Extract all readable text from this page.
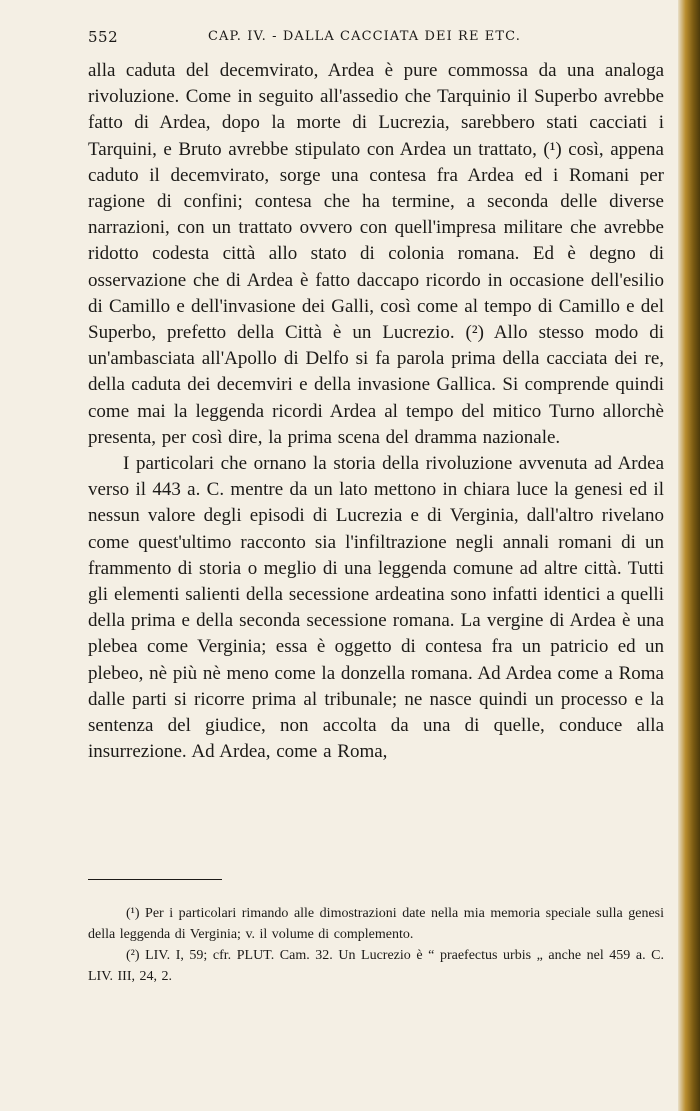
552	CAP. IV. - DALLA CACCIATA DEI RE ETC.

alla caduta del decemvirato, Ardea è pure commossa da una analoga rivoluzione. Come in seguito all'assedio che Tarquinio il Superbo avrebbe fatto di Ardea, dopo la morte di Lucrezia, sarebbero stati cacciati i Tarquini, e Bruto avrebbe stipulato con Ardea un trattato, (¹) così, appena caduto il decemvirato, sorge una contesa fra Ardea ed i Romani per ragione di confini; contesa che ha termine, a seconda delle diverse narrazioni, con un trattato ovvero con quell'impresa militare che avrebbe ridotto codesta città allo stato di colonia romana. Ed è degno di osservazione che di Ardea è fatto daccapo ricordo in occasione dell'esilio di Camillo e dell'invasione dei Galli, così come al tempo di Camillo e del Superbo, prefetto della Città è un Lucrezio. (²) Allo stesso modo di un'ambasciata all'Apollo di Delfo si fa parola prima della cacciata dei re, della caduta dei decemviri e della invasione Gallica. Si comprende quindi come mai la leggenda ricordi Ardea al tempo del mitico Turno allorchè presenta, per così dire, la prima scena del dramma nazionale.

I particolari che ornano la storia della rivoluzione avvenuta ad Ardea verso il 443 a. C. mentre da un lato mettono in chiara luce la genesi ed il nessun valore degli episodi di Lucrezia e di Verginia, dall'altro rivelano come quest'ultimo racconto sia l'infiltrazione negli annali romani di un frammento di storia o meglio di una leggenda comune ad altre città. Tutti gli elementi salienti della secessione ardeatina sono infatti identici a quelli della prima e della seconda secessione romana. La vergine di Ardea è una plebea come Verginia; essa è oggetto di contesa fra un patricio ed un plebeo, nè più nè meno come la donzella romana. Ad Ardea come a Roma dalle parti si ricorre prima al tribunale; ne nasce quindi un processo e la sentenza del giudice, non accolta da una di quelle, conduce alla insurrezione. Ad Ardea, come a Roma,

(¹) Per i particolari rimando alle dimostrazioni date nella mia memoria speciale sulla genesi della leggenda di Verginia; v. il volume di complemento.

(²) LIV. I, 59; cfr. PLUT. Cam. 32. Un Lucrezio è “ praefectus urbis „ anche nel 459 a. C. LIV. III, 24, 2.
